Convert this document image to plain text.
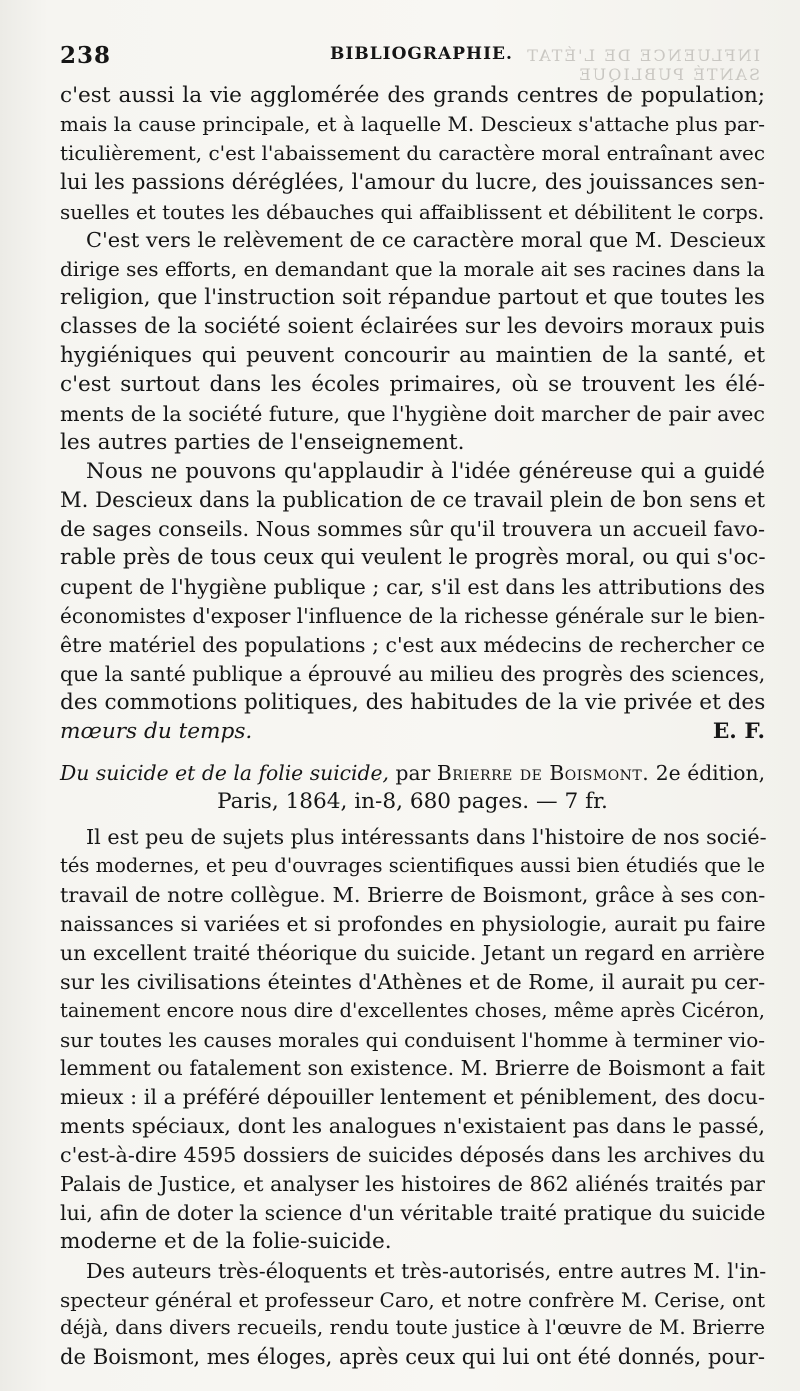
238	BIBLIOGRAPHIE. INFLUENCE DE L'ÉTAT SANTÉ PUBLIQUE
c'est aussi la vie agglomérée des grands centres de population;
mais la cause principale, et à laquelle M. Descieux s'attache plus par-
ticulièrement, c'est l'abaissement du caractère moral entraînant avec
lui les passions déréglées, l'amour du lucre, des jouissances sen-
suelles et toutes les débauches qui affaiblissent et débilitent le corps.
C'est vers le relèvement de ce caractère moral que M. Descieux
dirige ses efforts, en demandant que la morale ait ses racines dans la
religion, que l'instruction soit répandue partout et que toutes les
classes de la société soient éclairées sur les devoirs moraux puis
hygiéniques qui peuvent concourir au maintien de la santé, et
c'est surtout dans les écoles primaires, où se trouvent les élé-
ments de la société future, que l'hygiène doit marcher de pair avec
les autres parties de l'enseignement.
Nous ne pouvons qu'applaudir à l'idée généreuse qui a guidé
M. Descieux dans la publication de ce travail plein de bon sens et
de sages conseils. Nous sommes sûr qu'il trouvera un accueil favo-
rable près de tous ceux qui veulent le progrès moral, ou qui s'oc-
cupent de l'hygiène publique ; car, s'il est dans les attributions des
économistes d'exposer l'influence de la richesse générale sur le bien-
être matériel des populations ; c'est aux médecins de rechercher ce
que la santé publique a éprouvé au milieu des progrès des sciences,
des commotions politiques, des habitudes de la vie privée et des
mœurs du temps.	E. F.
Du suicide et de la folie suicide, par Brierre de Boismont. 2e édition,
Paris, 1864, in-8, 680 pages. — 7 fr.
Il est peu de sujets plus intéressants dans l'histoire de nos socié-
tés modernes, et peu d'ouvrages scientifiques aussi bien étudiés que le
travail de notre collègue. M. Brierre de Boismont, grâce à ses con-
naissances si variées et si profondes en physiologie, aurait pu faire
un excellent traité théorique du suicide. Jetant un regard en arrière
sur les civilisations éteintes d'Athènes et de Rome, il aurait pu cer-
tainement encore nous dire d'excellentes choses, même après Cicéron,
sur toutes les causes morales qui conduisent l'homme à terminer vio-
lemment ou fatalement son existence. M. Brierre de Boismont a fait
mieux : il a préféré dépouiller lentement et péniblement, des docu-
ments spéciaux, dont les analogues n'existaient pas dans le passé,
c'est-à-dire 4595 dossiers de suicides déposés dans les archives du
Palais de Justice, et analyser les histoires de 862 aliénés traités par
lui, afin de doter la science d'un véritable traité pratique du suicide
moderne et de la folie-suicide.
Des auteurs très-éloquents et très-autorisés, entre autres M. l'in-
specteur général et professeur Caro, et notre confrère M. Cerise, ont
déjà, dans divers recueils, rendu toute justice à l'œuvre de M. Brierre
de Boismont, mes éloges, après ceux qui lui ont été donnés, pour-
